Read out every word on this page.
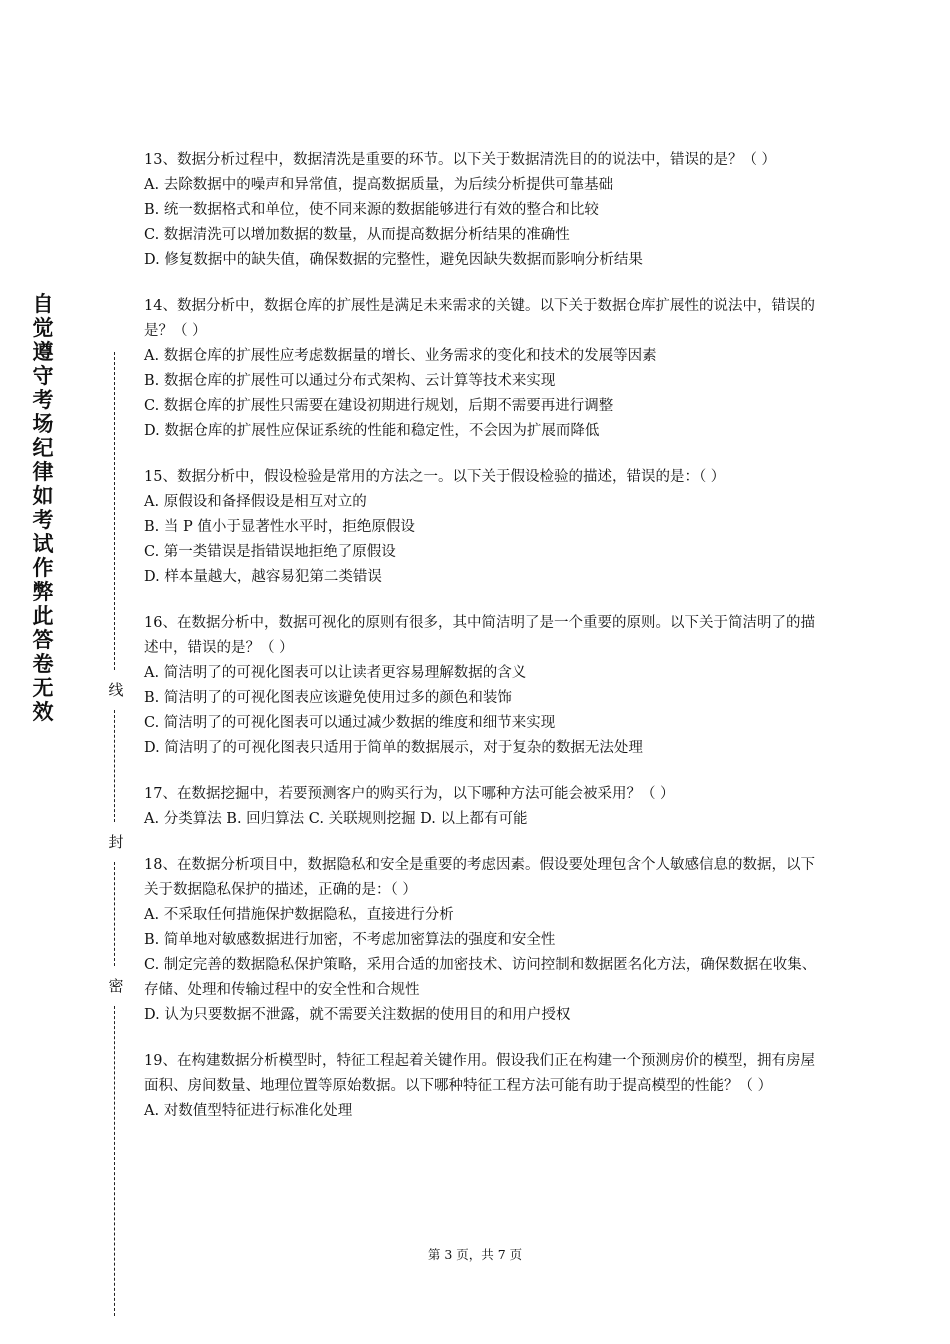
自
觉
遵
守
考
场
纪
律
如
考
试
作
弊
此
答
卷
无
效
线
封
密
13、数据分析过程中，数据清洗是重要的环节。以下关于数据清洗目的的说法中，错误的是？（ ）
A. 去除数据中的噪声和异常值，提高数据质量，为后续分析提供可靠基础
B. 统一数据格式和单位，使不同来源的数据能够进行有效的整合和比较
C. 数据清洗可以增加数据的数量，从而提高数据分析结果的准确性
D. 修复数据中的缺失值，确保数据的完整性，避免因缺失数据而影响分析结果
14、数据分析中，数据仓库的扩展性是满足未来需求的关键。以下关于数据仓库扩展性的说法中，错误的是？（ ）
A. 数据仓库的扩展性应考虑数据量的增长、业务需求的变化和技术的发展等因素
B. 数据仓库的扩展性可以通过分布式架构、云计算等技术来实现
C. 数据仓库的扩展性只需要在建设初期进行规划，后期不需要再进行调整
D. 数据仓库的扩展性应保证系统的性能和稳定性，不会因为扩展而降低
15、数据分析中，假设检验是常用的方法之一。以下关于假设检验的描述，错误的是：（ ）
A. 原假设和备择假设是相互对立的
B. 当 P 值小于显著性水平时，拒绝原假设
C. 第一类错误是指错误地拒绝了原假设
D. 样本量越大，越容易犯第二类错误
16、在数据分析中，数据可视化的原则有很多，其中简洁明了是一个重要的原则。以下关于简洁明了的描述中，错误的是？（ ）
A. 简洁明了的可视化图表可以让读者更容易理解数据的含义
B. 简洁明了的可视化图表应该避免使用过多的颜色和装饰
C. 简洁明了的可视化图表可以通过减少数据的维度和细节来实现
D. 简洁明了的可视化图表只适用于简单的数据展示，对于复杂的数据无法处理
17、在数据挖掘中，若要预测客户的购买行为，以下哪种方法可能会被采用？（ ）
A. 分类算法 B. 回归算法 C. 关联规则挖掘 D. 以上都有可能
18、在数据分析项目中，数据隐私和安全是重要的考虑因素。假设要处理包含个人敏感信息的数据，以下关于数据隐私保护的描述，正确的是：（ ）
A. 不采取任何措施保护数据隐私，直接进行分析
B. 简单地对敏感数据进行加密，不考虑加密算法的强度和安全性
C. 制定完善的数据隐私保护策略，采用合适的加密技术、访问控制和数据匿名化方法，确保数据在收集、存储、处理和传输过程中的安全性和合规性
D. 认为只要数据不泄露，就不需要关注数据的使用目的和用户授权
19、在构建数据分析模型时，特征工程起着关键作用。假设我们正在构建一个预测房价的模型，拥有房屋面积、房间数量、地理位置等原始数据。以下哪种特征工程方法可能有助于提高模型的性能？（ ）
A. 对数值型特征进行标准化处理
第 3 页，共 7 页
